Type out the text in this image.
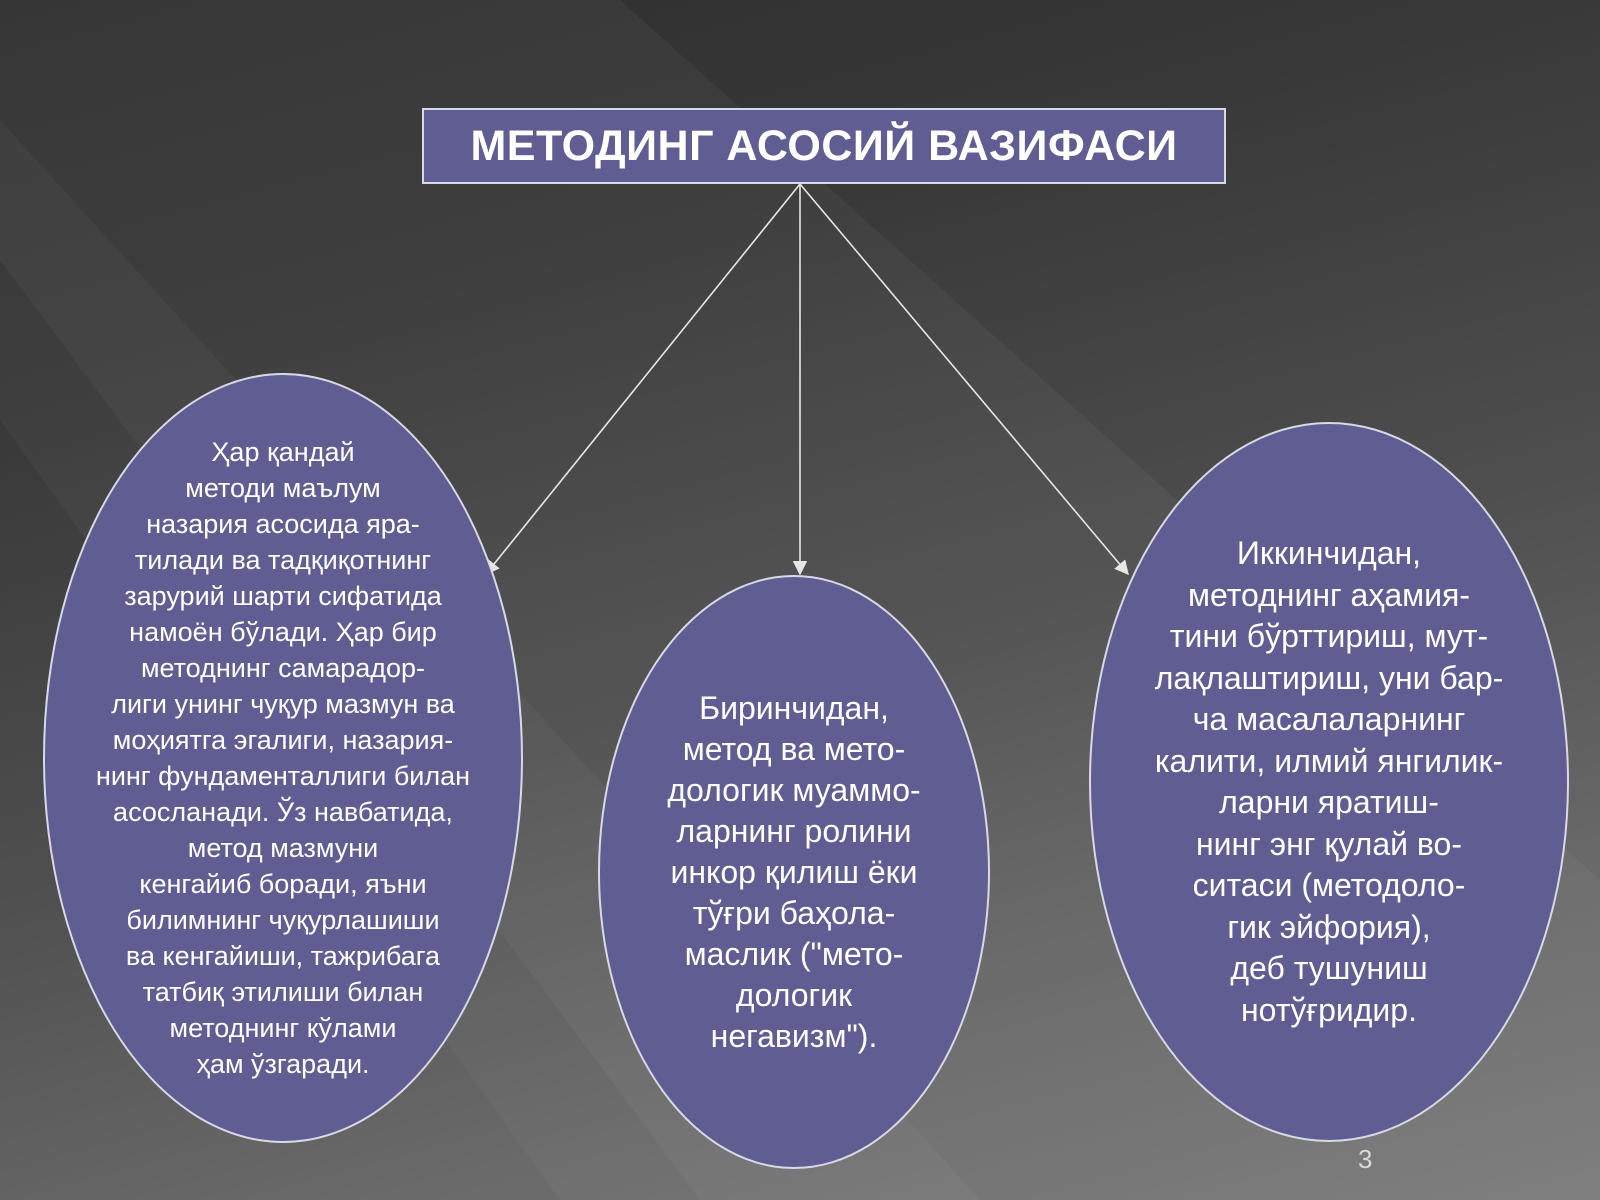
МЕТОДИНГ АСОСИЙ ВАЗИФАСИ
Ҳар қандай
методи маълум
назария асосида яра-
тилади ва тадқиқотнинг
зарурий шарти сифатида
намоён бўлади. Ҳар бир
методнинг самарадор-
лиги унинг чуқур мазмун ва
моҳиятга эгалиги, назария-
нинг фундаменталлиги билан
асосланади. Ўз навбатида,
метод мазмуни
кенгайиб боради, яъни
билимнинг чуқурлашиши
ва кенгайиши, тажрибага
татбиқ этилиши билан
методнинг кўлами
ҳам ўзгаради.
Биринчидан,
метод ва мето-
дологик муаммо-
ларнинг ролини
инкор қилиш ёки
тўғри баҳола-
маслик ("мето-
дологик
негавизм").
Иккинчидан,
методнинг аҳамия-
тини бўрттириш, мут-
лақлаштириш, уни бар-
ча масалаларнинг
калити, илмий янгилик-
ларни яратиш-
нинг энг қулай во-
ситаси (методоло-
гик эйфория),
деб тушуниш
нотўғридир.
3
